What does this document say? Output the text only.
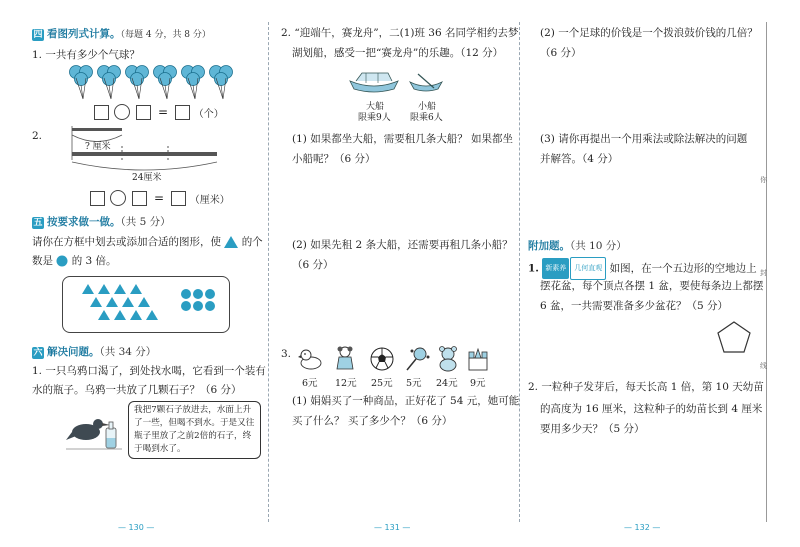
四 看图列式计算。（每题 4 分，共 8 分）
1. 一共有多少个气球？
=	（个）
2.
? 厘米
24厘米
=	（厘米）
五 按要求做一做。（共 5 分）
请你在方框中划去或添加合适的图形，使 的个
数是 的 3 倍。
六 解决问题。（共 34 分）
1. 一只乌鸦口渴了，到处找水喝，它看到一个装有
水的瓶子。乌鸦一共放了几颗石子？（6 分）
我把7颗石子放进去，水面上升了一些，但喝不到水。于是又往瓶子里放了之前2倍的石子，终于喝到水了。
— 130 —
2. “迎端午，赛龙舟”，二(1)班 36 名同学相约去梦
湖划船，感受一把“赛龙舟”的乐趣。（12 分）
大船
限乘9人
小船
限乘6人
(1) 如果都坐大船，需要租几条大船？ 如果都坐
小船呢？（6 分）
(2) 如果先租 2 条大船，还需要再租几条小船？
（6 分）
3.
6元 12元 25元 5元 24元 9元
(1) 娟娟买了一种商品，正好花了 54 元，她可能
买了什么？ 买了多少个？（6 分）
— 131 —
(2) 一个足球的价钱是一个拨浪鼓价钱的几倍？
（6 分）
(3) 请你再提出一个用乘法或除法解决的问题
并解答。（4 分）
附加题。（共 10 分）
1. 新素养 几何直观 如图，在一个五边形的空地边上
摆花盆，每个顶点各摆 1 盆，要使每条边上都摆
6 盆，一共需要准备多少盆花？（5 分）
2. 一粒种子发芽后，每天长高 1 倍，第 10 天幼苗
的高度为 16 厘米，这粒种子的幼苗长到 4 厘米
要用多少天？（5 分）
你
封
线
— 132 —
